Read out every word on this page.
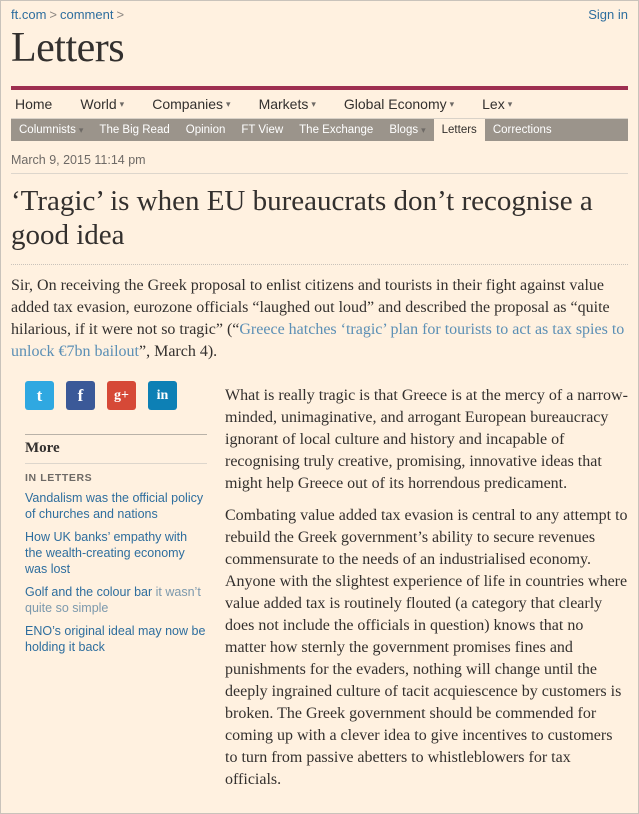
ft.com > comment >	Sign in
Letters
Home	World ▾	Companies ▾	Markets ▾	Global Economy ▾	Lex ▾
Columnists ▾ The Big Read Opinion FT View The Exchange Blogs ▾ Letters Corrections
March 9, 2015 11:14 pm
‘Tragic’ is when EU bureaucrats don’t recognise a good idea

Sir, On receiving the Greek proposal to enlist citizens and tourists in their fight against value added tax evasion, eurozone officials “laughed out loud” and described the proposal as “quite hilarious, if it were not so tragic” (“Greece hatches ‘tragic’ plan for tourists to act as tax spies to unlock €7bn bailout”, March 4).

t f g+ in
More
IN LETTERS
Vandalism was the official policy of churches and nations
How UK banks’ empathy with the wealth-creating economy was lost
Golf and the colour bar it wasn’t quite so simple
ENO’s original ideal may now be holding it back

What is really tragic is that Greece is at the mercy of a narrow-minded, unimaginative, and arrogant European bureaucracy ignorant of local culture and history and incapable of recognising truly creative, promising, innovative ideas that might help Greece out of its horrendous predicament.

Combating value added tax evasion is central to any attempt to rebuild the Greek government’s ability to secure revenues commensurate to the needs of an industrialised economy. Anyone with the slightest experience of life in countries where value added tax is routinely flouted (a category that clearly does not include the officials in question) knows that no matter how sternly the government promises fines and punishments for the evaders, nothing will change until the deeply ingrained culture of tacit acquiescence by customers is broken. The Greek government should be commended for coming up with a clever idea to give incentives to customers to turn from passive abetters to whistleblowers for tax officials.
